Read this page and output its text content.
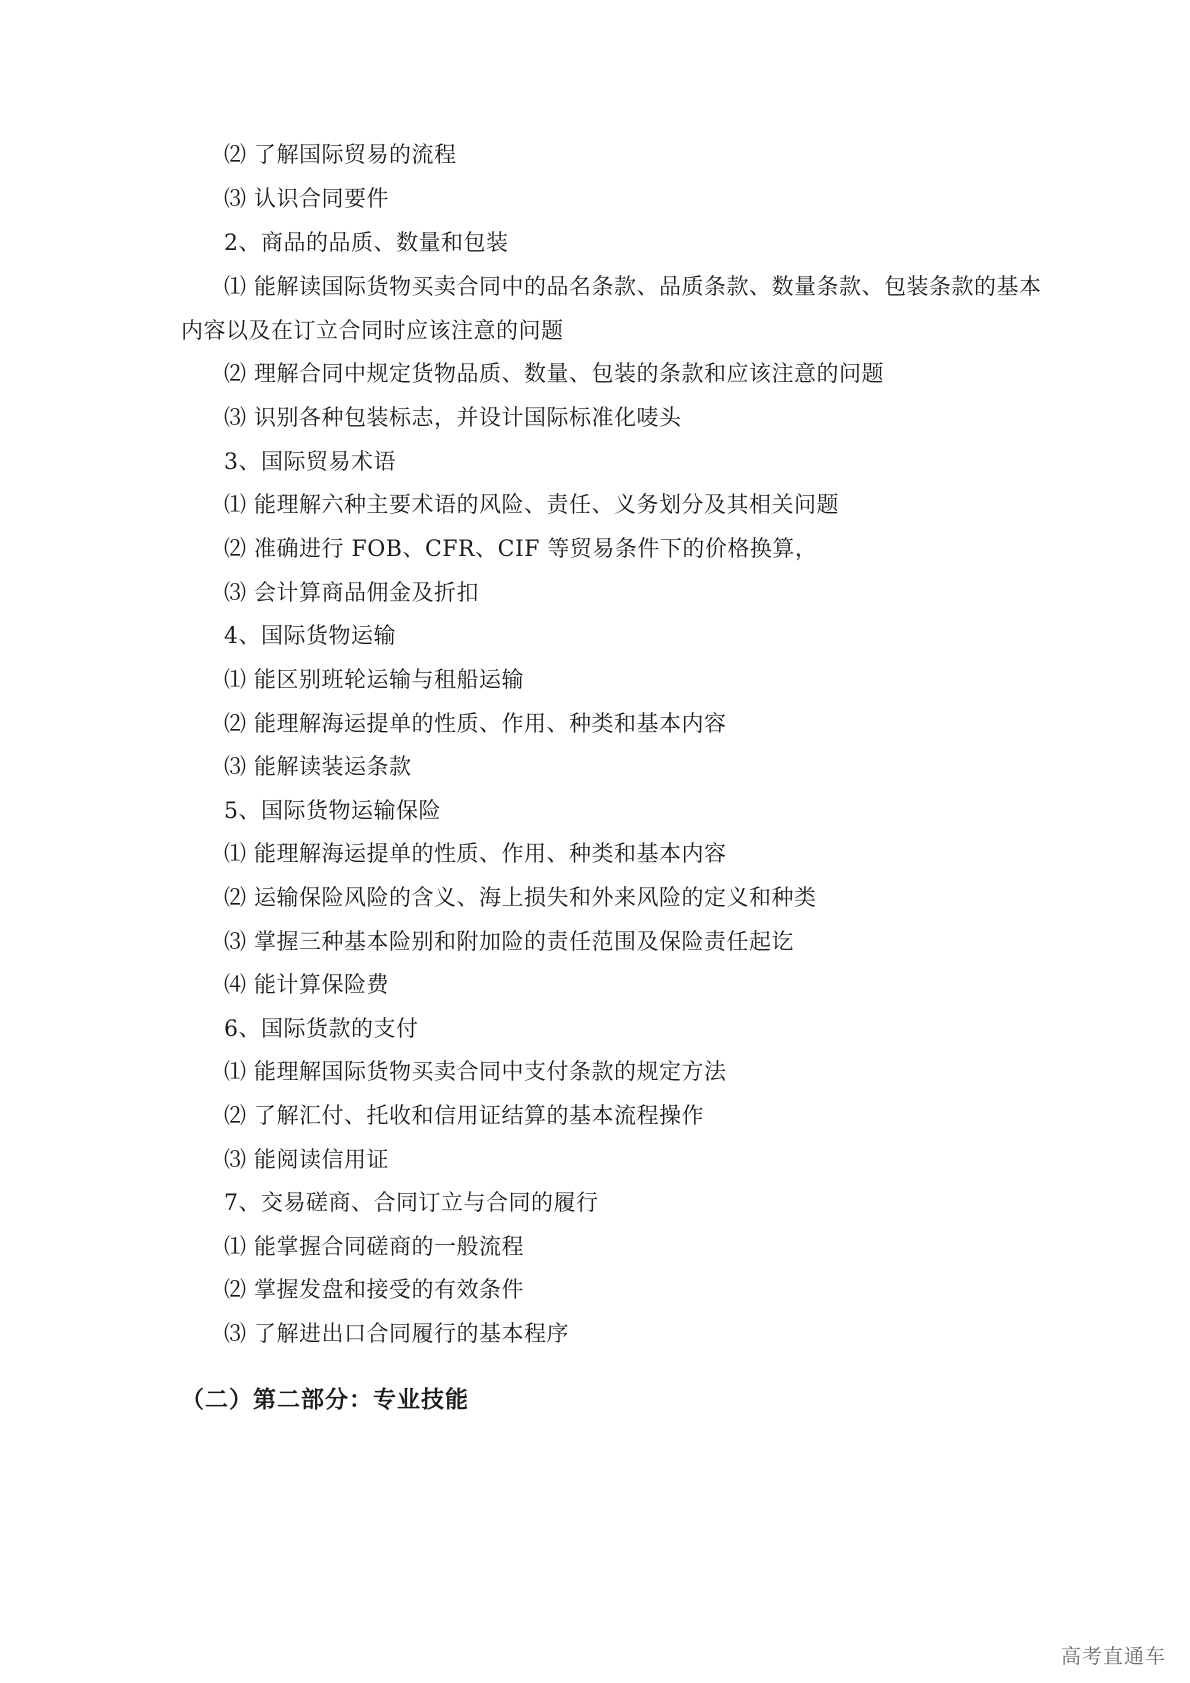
⑵ 了解国际贸易的流程
⑶ 认识合同要件
2、商品的品质、数量和包装
⑴ 能解读国际货物买卖合同中的品名条款、品质条款、数量条款、包装条款的基本
内容以及在订立合同时应该注意的问题
⑵ 理解合同中规定货物品质、数量、包装的条款和应该注意的问题
⑶ 识别各种包装标志，并设计国际标准化唛头
3、国际贸易术语
⑴ 能理解六种主要术语的风险、责任、义务划分及其相关问题
⑵ 准确进行 FOB、CFR、CIF 等贸易条件下的价格换算，
⑶ 会计算商品佣金及折扣
4、国际货物运输
⑴ 能区别班轮运输与租船运输
⑵ 能理解海运提单的性质、作用、种类和基本内容
⑶ 能解读装运条款
5、国际货物运输保险
⑴ 能理解海运提单的性质、作用、种类和基本内容
⑵ 运输保险风险的含义、海上损失和外来风险的定义和种类
⑶ 掌握三种基本险别和附加险的责任范围及保险责任起讫
⑷ 能计算保险费
6、国际货款的支付
⑴ 能理解国际货物买卖合同中支付条款的规定方法
⑵ 了解汇付、托收和信用证结算的基本流程操作
⑶ 能阅读信用证
7、交易磋商、合同订立与合同的履行
⑴ 能掌握合同磋商的一般流程
⑵ 掌握发盘和接受的有效条件
⑶ 了解进出口合同履行的基本程序
（二）第二部分：专业技能
高考直通车
